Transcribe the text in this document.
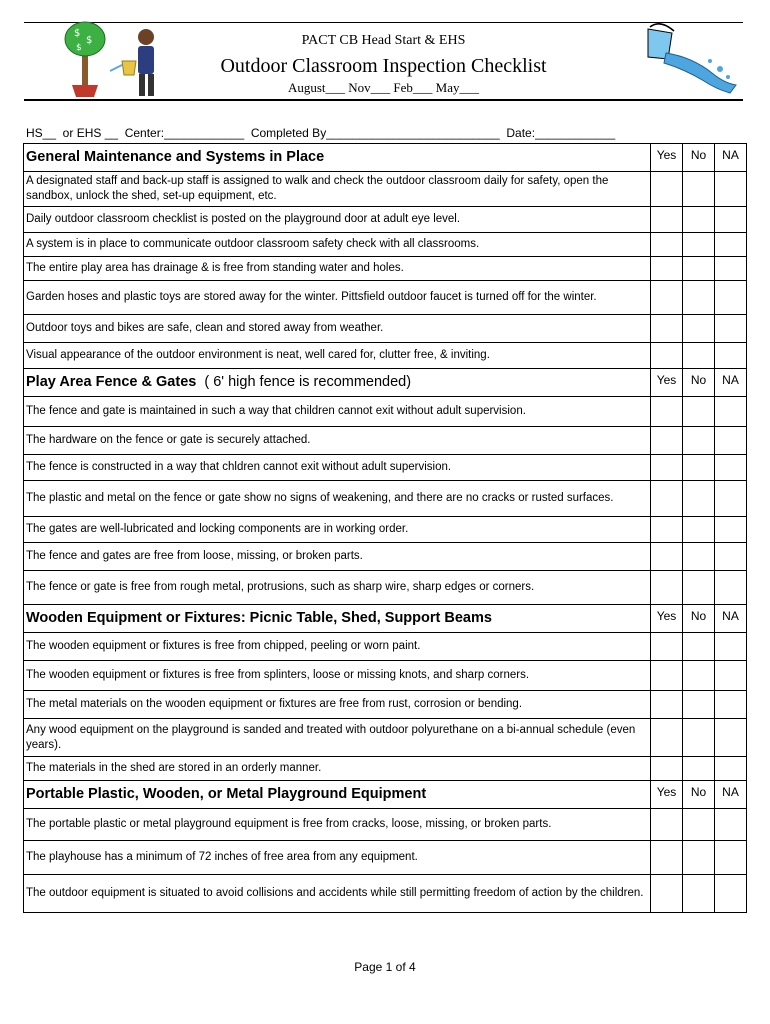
$
$
$	PACT CB Head Start & EHS
Outdoor Classroom Inspection Checklist
August___ Nov___ Feb___ May___
HS__  or EHS __  Center:____________  Completed By__________________________  Date:____________
General Maintenance and Systems in Place	Yes	No	NA
A designated staff and back-up staff is assigned to walk and check the outdoor classroom daily for safety, open the sandbox, unlock the shed, set-up equipment, etc.			
Daily outdoor classroom checklist is posted on the playground door at adult eye level.			
A system is in place to communicate outdoor classroom safety check with all classrooms.			
The entire play area has drainage & is free from standing water and holes.			
Garden hoses and plastic toys are stored away for the winter. Pittsfield outdoor faucet is turned off for the winter.			
Outdoor toys and bikes are safe, clean and stored away from weather.			
Visual appearance of the outdoor environment is neat, well cared for, clutter free, & inviting.			
Play Area Fence & Gates ( 6' high fence is recommended)	Yes	No	NA
The fence and gate is maintained in such a way that children cannot exit without adult supervision.			
The hardware on the fence or gate is securely attached.			
The fence is constructed in a way that chldren cannot exit without adult supervision.			
The plastic and metal on the fence or gate show no signs of weakening, and there are no cracks or rusted surfaces.			
The gates are well-lubricated and locking components are in working order.			
The fence and gates are free from loose, missing, or broken parts.			
The fence or gate is free from rough metal, protrusions, such as sharp wire, sharp edges or corners.			
Wooden Equipment or Fixtures: Picnic Table, Shed, Support Beams	Yes	No	NA
The wooden equipment or fixtures is free from chipped, peeling or worn paint.			
The wooden equipment or fixtures is free from splinters, loose or missing knots, and sharp corners.			
The metal materials on the wooden equipment or fixtures are free from rust, corrosion or bending.			
Any wood equipment on the playground is sanded and treated with outdoor polyurethane on a bi-annual schedule (even years).			
The materials in the shed are stored in an orderly manner.			
Portable Plastic, Wooden, or Metal Playground Equipment	Yes	No	NA
The portable plastic or metal playground equipment is free from cracks, loose, missing, or broken parts.			
The playhouse has a minimum of 72 inches of free area from any equipment.			
The outdoor equipment is situated to avoid collisions and accidents while still permitting freedom of action by the children.			
Page 1 of 4
